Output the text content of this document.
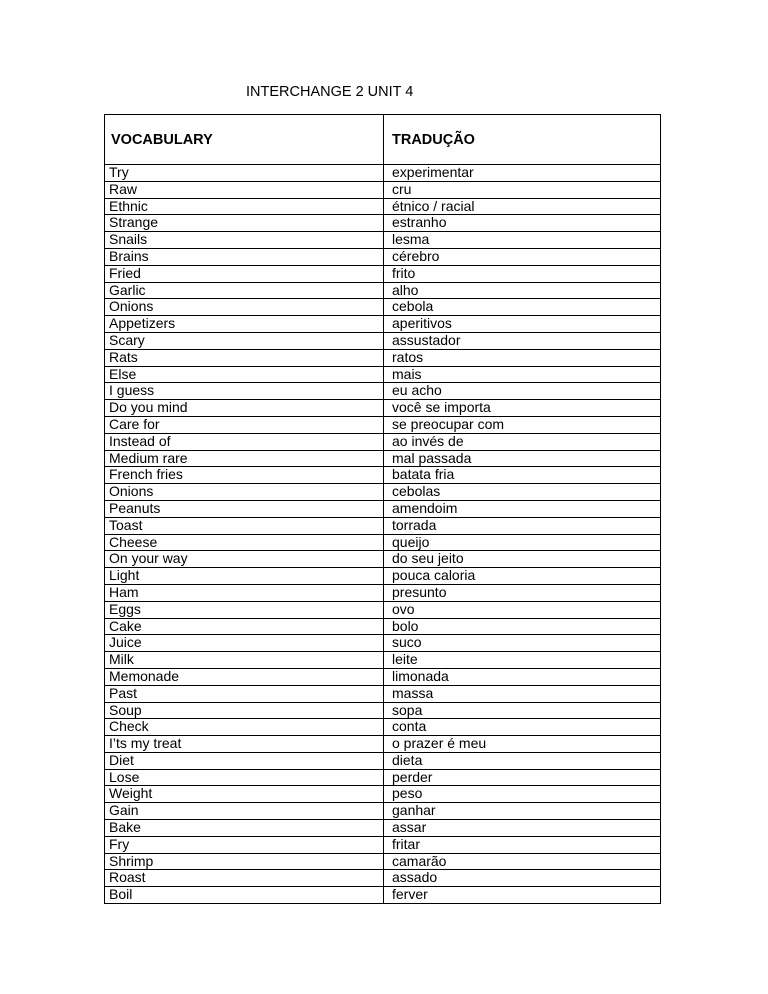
INTERCHANGE 2 UNIT 4
VOCABULARY	TRADUÇÃO
Try	experimentar
Raw	cru
Ethnic	étnico / racial
Strange	estranho
Snails	lesma
Brains	cérebro
Fried	frito
Garlic	alho
Onions	cebola
Appetizers	aperitivos
Scary	assustador
Rats	ratos
Else	mais
I guess	eu acho
Do you mind	você se importa
Care for	se preocupar com
Instead of	ao invés de
Medium rare	mal passada
French fries	batata fria
Onions	cebolas
Peanuts	amendoim
Toast	torrada
Cheese	queijo
On your way	do seu jeito
Light	pouca caloria
Ham	presunto
Eggs	ovo
Cake	bolo
Juice	suco
Milk	leite
Memonade	limonada
Past	massa
Soup	sopa
Check	conta
I’ts my treat	o prazer é meu
Diet	dieta
Lose	perder
Weight	peso
Gain	ganhar
Bake	assar
Fry	fritar
Shrimp	camarão
Roast	assado
Boil	ferver
